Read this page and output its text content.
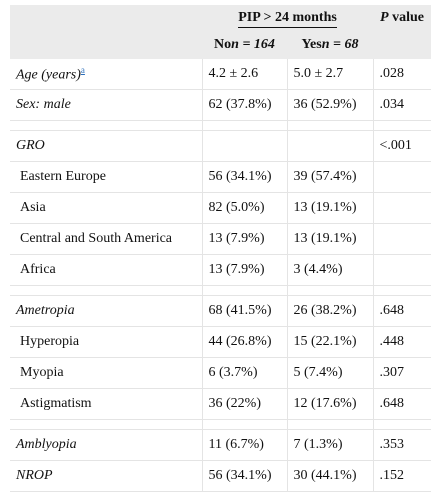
	PIP > 24 months		P value
	Non = 164	Yesn = 68	
Age (years)$^a$	4.2 ± 2.6	5.0 ± 2.7	.028
Sex: male	62 (37.8%)	36 (52.9%)	.034

GRO			<.001
Eastern Europe	56 (34.1%)	39 (57.4%)	
Asia	82 (5.0%)	13 (19.1%)	
Central and South America	13 (7.9%)	13 (19.1%)	
Africa	13 (7.9%)	3 (4.4%)	

Ametropia	68 (41.5%)	26 (38.2%)	.648
Hyperopia	44 (26.8%)	15 (22.1%)	.448
Myopia	6 (3.7%)	5 (7.4%)	.307
Astigmatism	36 (22%)	12 (17.6%)	.648

Amblyopia	11 (6.7%)	7 (1.3%)	.353
NROP	56 (34.1%)	30 (44.1%)	.152
